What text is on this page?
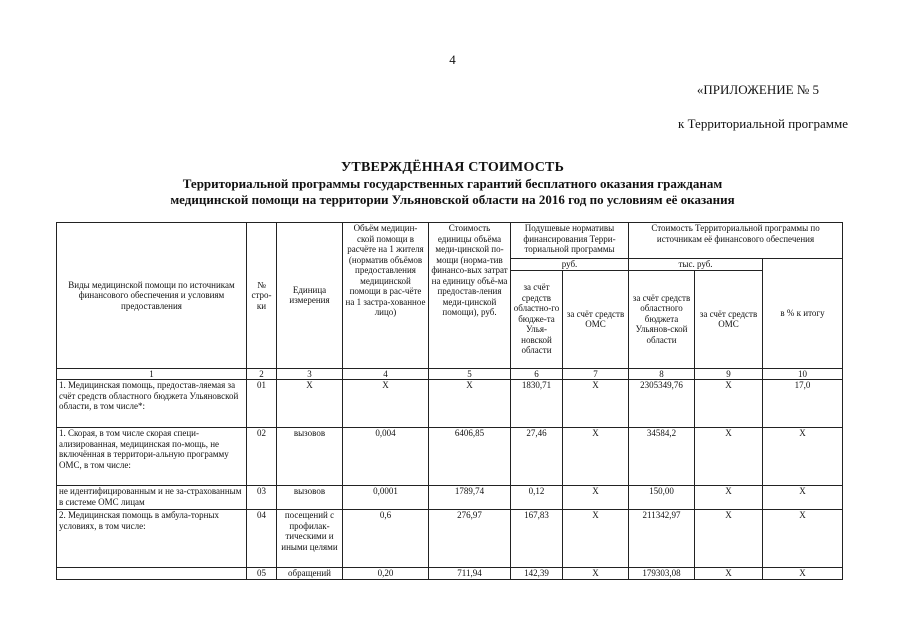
4
«ПРИЛОЖЕНИЕ № 5
к Территориальной программе
УТВЕРЖДЁННАЯ СТОИМОСТЬ
Территориальной программы государственных гарантий бесплатного оказания гражданам
медицинской помощи на территории Ульяновской области на 2016 год по условиям её оказания
Виды медицинской помощи по источникам финансового обеспечения и условиям предоставления	№ стро-ки	Единица измерения	Объём медицин-ской помощи в расчёте на 1 жителя (норматив объёмов предоставления медицинской помощи в рас-чёте на 1 застра-хованное лицо)	Стоимость единицы объёма меди-цинской по-мощи (норма-тив финансо-вых затрат на единицу объё-ма предостав-ления меди-цинской помощи), руб.	Подушевые нормативы финансирования Терри-ториальной программы		Стоимость Территориальной программы по источникам её финансового обеспечения		
					руб.		тыс. руб.		в % к итогу
					за счёт средств областно-го бюдже-та Улья-новской области	за счёт средств ОМС	за счёт средств областного бюджета Ульянов-ской области	за счёт средств ОМС	
1	2	3	4	5	6	7	8	9	10
1. Медицинская помощь, предостав-ляемая за счёт средств областного бюджета Ульяновской области, в том числе*:	01	X	X	X	1830,71	X	2305349,76	X	17,0
1. Скорая, в том числе скорая специ-ализированная, медицинская по-мощь, не включённая в территори-альную программу ОМС, в том числе:	02	вызовов	0,004	6406,85	27,46	X	34584,2	X	X
не идентифицированным и не за-страхованным в системе ОМС лицам	03	вызовов	0,0001	1789,74	0,12	X	150,00	X	X
2. Медицинская помощь в амбула-торных условиях, в том числе:	04	посещений с профилак-тическими и иными целями	0,6	276,97	167,83	X	211342,97	X	X
	05	обращений	0,20	711,94	142,39	X	179303,08	X	X
